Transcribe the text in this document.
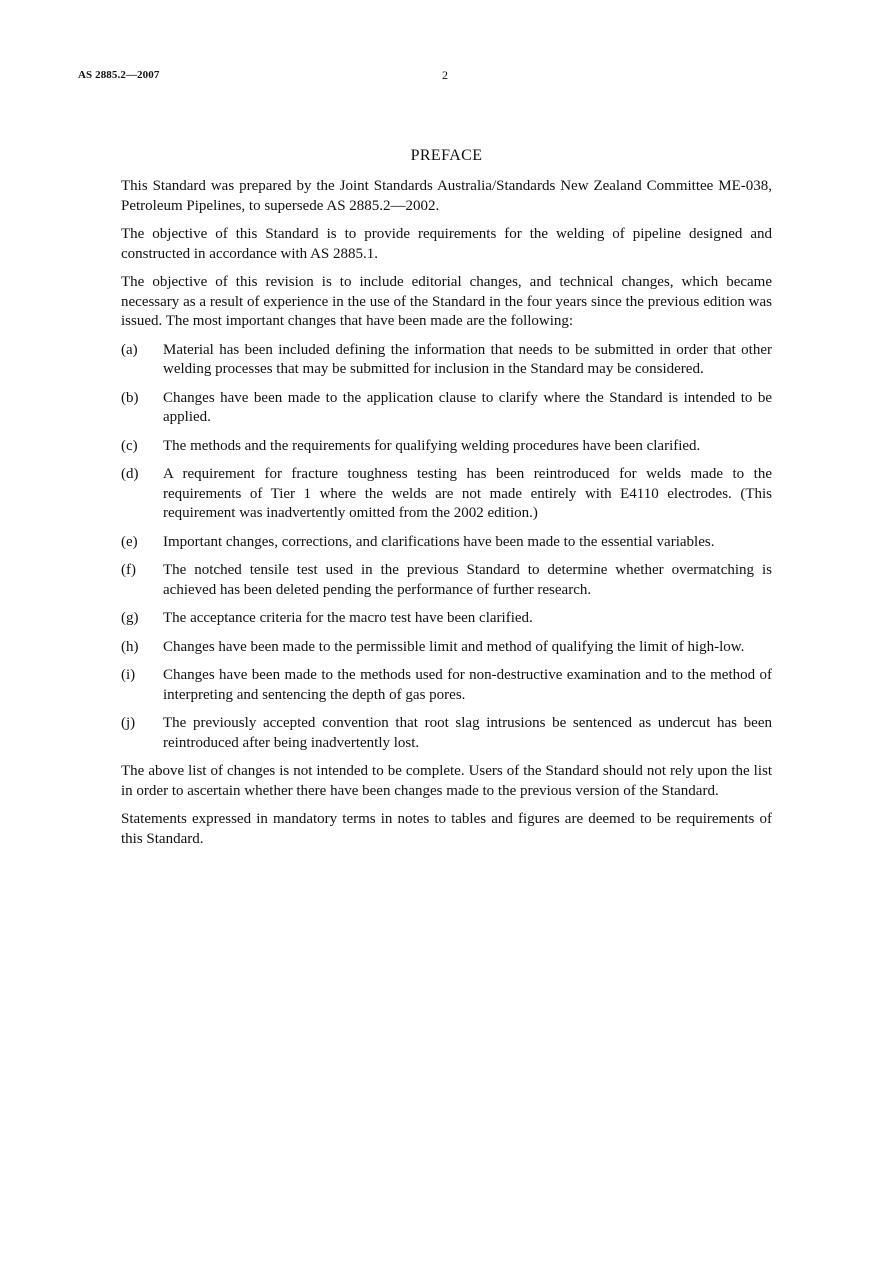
AS 2885.2—2007	2
PREFACE

This Standard was prepared by the Joint Standards Australia/Standards New Zealand Committee ME-038, Petroleum Pipelines, to supersede AS 2885.2—2002.

The objective of this Standard is to provide requirements for the welding of pipeline designed and constructed in accordance with AS 2885.1.

The objective of this revision is to include editorial changes, and technical changes, which became necessary as a result of experience in the use of the Standard in the four years since the previous edition was issued. The most important changes that have been made are the following:

(a)	Material has been included defining the information that needs to be submitted in order that other welding processes that may be submitted for inclusion in the Standard may be considered.
(b)	Changes have been made to the application clause to clarify where the Standard is intended to be applied.
(c)	The methods and the requirements for qualifying welding procedures have been clarified.
(d)	A requirement for fracture toughness testing has been reintroduced for welds made to the requirements of Tier 1 where the welds are not made entirely with E4110 electrodes. (This requirement was inadvertently omitted from the 2002 edition.)
(e)	Important changes, corrections, and clarifications have been made to the essential variables.
(f)	The notched tensile test used in the previous Standard to determine whether overmatching is achieved has been deleted pending the performance of further research.
(g)	The acceptance criteria for the macro test have been clarified.
(h)	Changes have been made to the permissible limit and method of qualifying the limit of high-low.
(i)	Changes have been made to the methods used for non-destructive examination and to the method of interpreting and sentencing the depth of gas pores.
(j)	The previously accepted convention that root slag intrusions be sentenced as undercut has been reintroduced after being inadvertently lost.

The above list of changes is not intended to be complete. Users of the Standard should not rely upon the list in order to ascertain whether there have been changes made to the previous version of the Standard.

Statements expressed in mandatory terms in notes to tables and figures are deemed to be requirements of this Standard.
